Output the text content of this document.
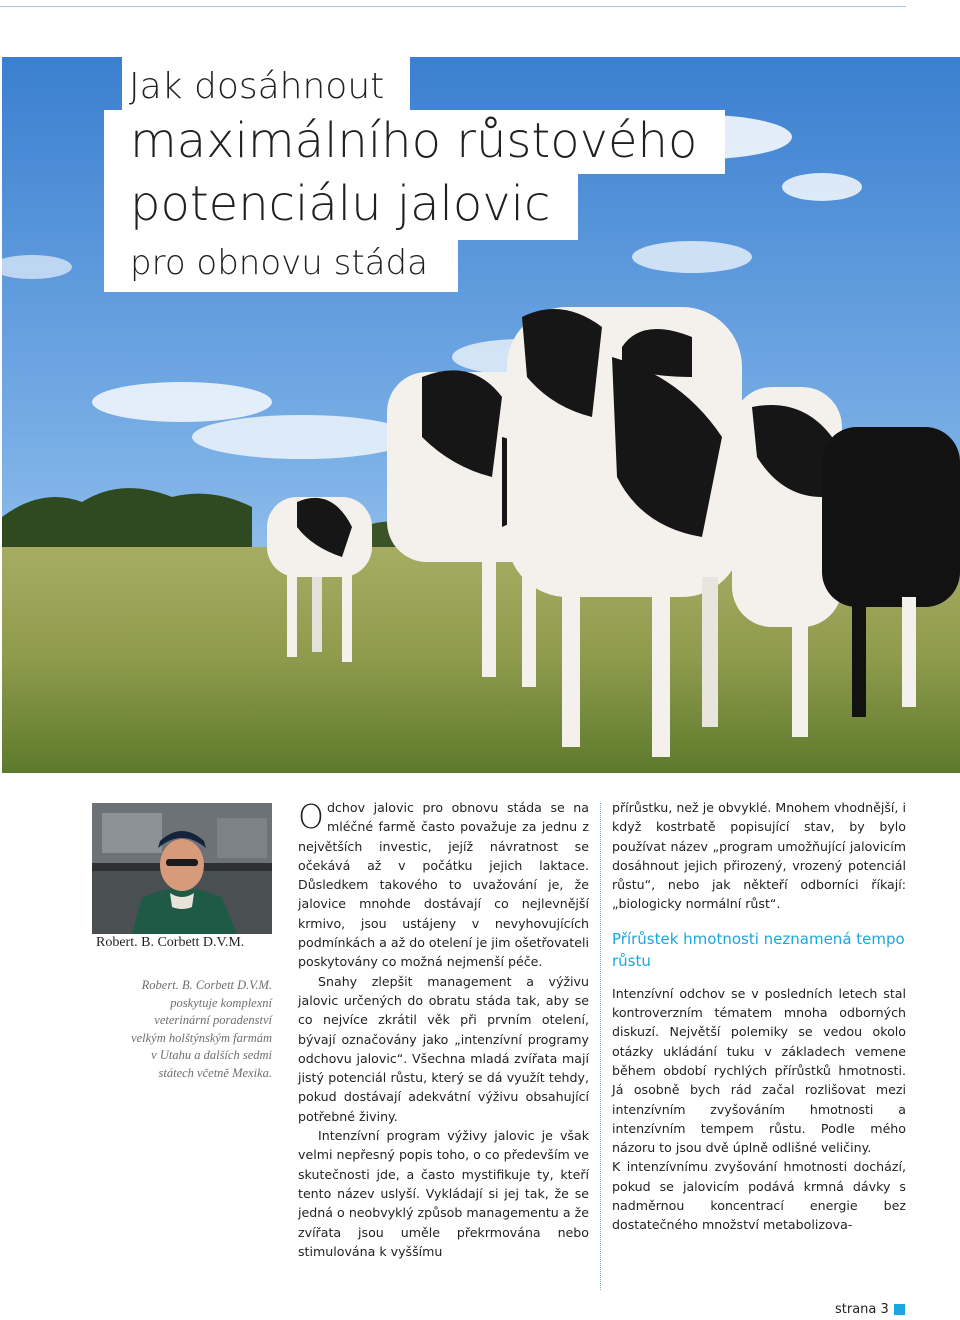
Jak dosáhnout
maximálního růstového
potenciálu jalovic
pro obnovu stáda
Robert. B. Corbett D.V.M.
Robert. B. Corbett D.V.M.
poskytuje komplexní
veterinární poradenství
velkým holštýnským farmám
v Utahu a dalších sedmi
státech včetně Mexika.

Odchov jalovic pro obnovu stáda se na mléčné farmě často považuje za jednu z největších investic, jejíž návratnost se očekává až v počátku jejich laktace. Důsledkem takového to uvažování je, že jalovice mnohde dostávají co nejlevnější krmivo, jsou ustájeny v nevyhovujících podmínkách a až do otelení je jim ošetřovateli poskytovány co možná nejmenší péče.

Snahy zlepšit management a výživu jalovic určených do obratu stáda tak, aby se co nejvíce zkrátil věk při prvním otelení, bývají označovány jako „intenzívní programy odchovu jalovic“. Všechna mladá zvířata mají jistý potenciál růstu, který se dá využít tehdy, pokud dostávají adekvátní výživu obsahující potřebné živiny.

Intenzívní program výživy jalovic je však velmi nepřesný popis toho, o co především ve skutečnosti jde, a často mystifikuje ty, kteří tento název uslyší. Vykládají si jej tak, že se jedná o neobvyklý způsob managementu a že zvířata jsou uměle překrmována nebo stimulována k vyššímu

přírůstku, než je obvyklé. Mnohem vhodnější, i když kostrbatě popisující stav, by bylo používat název „program umožňující jalovicím dosáhnout jejich přirozený, vrozený potenciál růstu“, nebo jak někteří odborníci říkají: „biologicky normální růst“.

Přírůstek hmotnosti neznamená tempo růstu

Intenzívní odchov se v posledních letech stal kontroverzním tématem mnoha odborných diskuzí. Největší polemiky se vedou okolo otázky ukládání tuku v základech vemene během období rychlých přírůstků hmotnosti. Já osobně bych rád začal rozlišovat mezi intenzívním zvyšováním hmotnosti a intenzívním tempem růstu. Podle mého názoru to jsou dvě úplně odlišné veličiny.

K intenzívnímu zvyšování hmotnosti dochází, pokud se jalovicím podává krmná dávky s nadměrnou koncentrací energie bez dostatečného množství metabolizova-

strana 3
